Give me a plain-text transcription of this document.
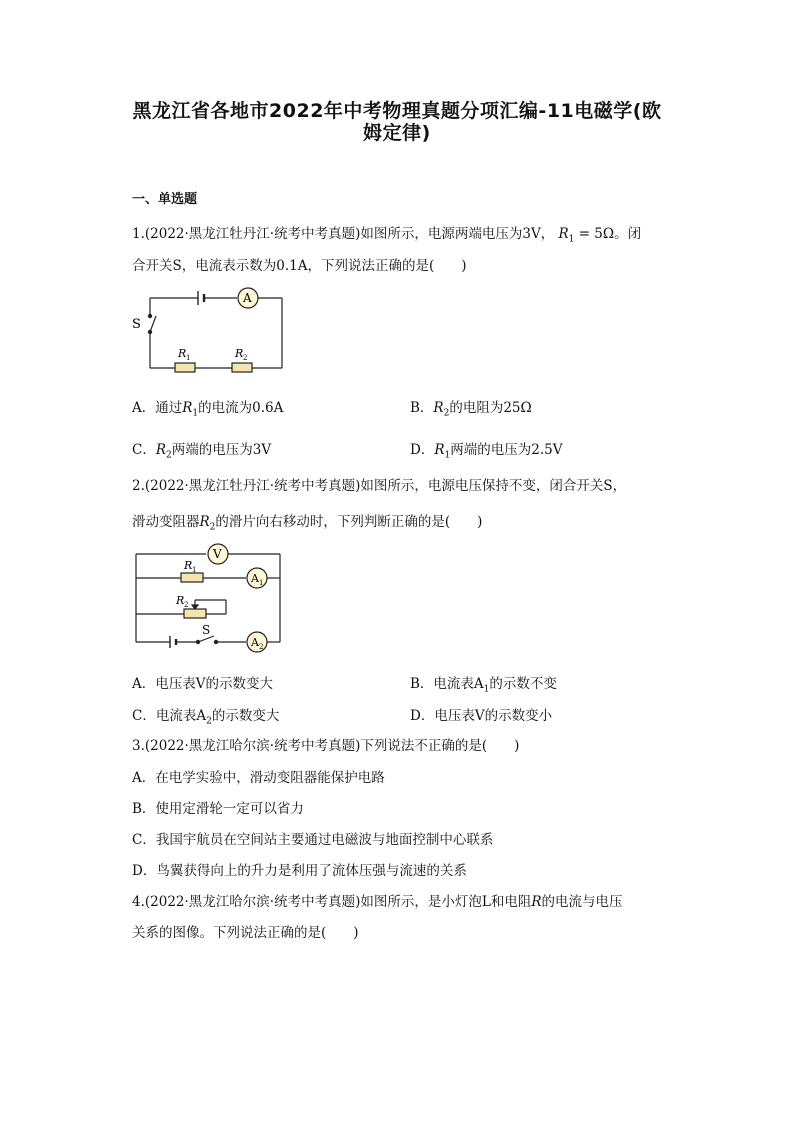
黑龙江省各地市2022年中考物理真题分项汇编-11电磁学(欧
姆定律)
一、单选题
1.(2022·黑龙江牡丹江·统考中考真题)如图所示，电源两端电压为3V， $R_1 = 5\Omega$。闭
合开关S，电流表示数为0.1A，下列说法正确的是(　　)
A
S
R 1	R 2
A．通过$R_1$的电流为0.6A	B．$R_2$的电阻为25Ω
C．$R_2$两端的电压为3V	D．$R_1$两端的电压为2.5V
2.(2022·黑龙江牡丹江·统考中考真题)如图所示，电源电压保持不变，闭合开关S，
滑动变阻器$R_2$的滑片向右移动时，下列判断正确的是(　　)
V
A 1
A 2
S
R 1
R 2
A．电压表V的示数变大	B．电流表$A_1$的示数不变
C．电流表$A_2$的示数变大	D．电压表V的示数变小
3.(2022·黑龙江哈尔滨·统考中考真题)下列说法不正确的是(　　)
A．在电学实验中，滑动变阻器能保护电路
B．使用定滑轮一定可以省力
C．我国宇航员在空间站主要通过电磁波与地面控制中心联系
D．鸟翼获得向上的升力是利用了流体压强与流速的关系
4.(2022·黑龙江哈尔滨·统考中考真题)如图所示，是小灯泡L和电阻R的电流与电压
关系的图像。下列说法正确的是(　　)
